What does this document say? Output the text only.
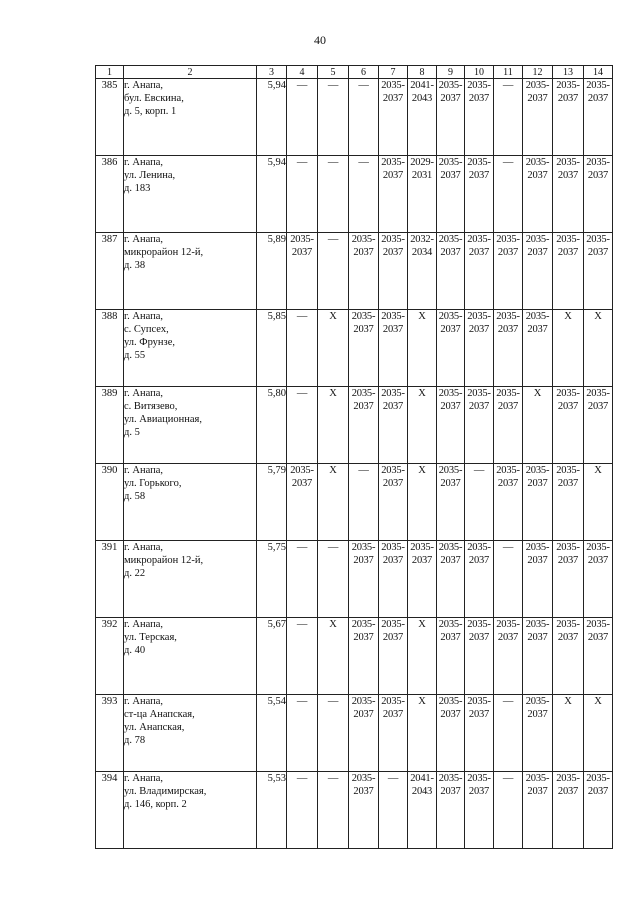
40
1	2	3	4	5	6	7	8	9	10	11	12	13	14
385	г. Анапа,
бул. Евскина,
д. 5, корп. 1	5,94	—	—	—	2035-
2037	2041-
2043	2035-
2037	2035-
2037	—	2035-
2037	2035-
2037	2035-
2037
386	г. Анапа,
ул. Ленина,
д. 183	5,94	—	—	—	2035-
2037	2029-
2031	2035-
2037	2035-
2037	—	2035-
2037	2035-
2037	2035-
2037
387	г. Анапа,
микрорайон 12-й,
д. 38	5,89	2035-
2037	—	2035-
2037	2035-
2037	2032-
2034	2035-
2037	2035-
2037	2035-
2037	2035-
2037	2035-
2037	2035-
2037
388	г. Анапа,
с. Супсех,
ул. Фрунзе,
д. 55	5,85	—	X	2035-
2037	2035-
2037	X	2035-
2037	2035-
2037	2035-
2037	2035-
2037	X	X
389	г. Анапа,
с. Витязево,
ул. Авиационная,
д. 5	5,80	—	X	2035-
2037	2035-
2037	X	2035-
2037	2035-
2037	2035-
2037	X	2035-
2037	2035-
2037
390	г. Анапа,
ул. Горького,
д. 58	5,79	2035-
2037	X	—	2035-
2037	X	2035-
2037	—	2035-
2037	2035-
2037	2035-
2037	X
391	г. Анапа,
микрорайон 12-й,
д. 22	5,75	—	—	2035-
2037	2035-
2037	2035-
2037	2035-
2037	2035-
2037	—	2035-
2037	2035-
2037	2035-
2037
392	г. Анапа,
ул. Терская,
д. 40	5,67	—	X	2035-
2037	2035-
2037	X	2035-
2037	2035-
2037	2035-
2037	2035-
2037	2035-
2037	2035-
2037
393	г. Анапа,
ст-ца Анапская,
ул. Анапская,
д. 78	5,54	—	—	2035-
2037	2035-
2037	X	2035-
2037	2035-
2037	—	2035-
2037	X	X
394	г. Анапа,
ул. Владимирская,
д. 146, корп. 2	5,53	—	—	2035-
2037	—	2041-
2043	2035-
2037	2035-
2037	—	2035-
2037	2035-
2037	2035-
2037
